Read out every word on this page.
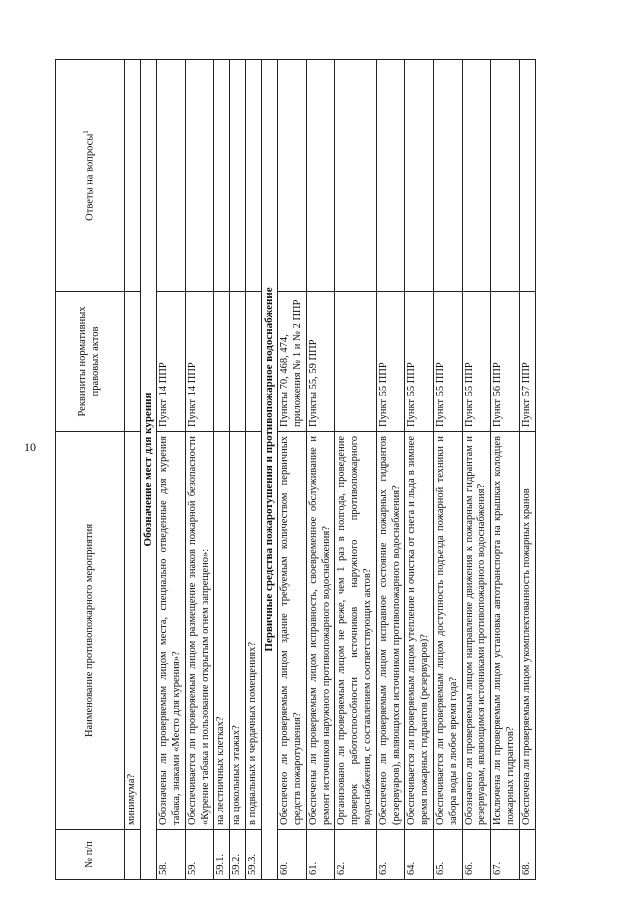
10
№ п/п	Наименование противопожарного мероприятия	Реквизиты нормативных правовых актов	Ответы на вопросы$^1$
	минимума?		
Обозначение мест для курения			
58.	Обозначены ли проверяемым лицом места, специально отведенные для курения табака, знаками «Место для курения»?	Пункт 14 ППР	
59.	Обеспечивается ли проверяемым лицом размещение знаков пожарной безопасности «Курение табака и пользование открытым огнем запрещено»:	Пункт 14 ППР	
59.1.	на лестничных клетках?		
59.2.	на цокольных этажах?		
59.3.	в подвальных и чердачных помещениях?		
Первичные средства пожаротушения и противопожарное водоснабжение			
60.	Обеспечено ли проверяемым лицом здание требуемым количеством первичных средств пожаротушения?	Пункты 70, 468, 474, приложения № 1 и № 2 ППР	
61.	Обеспечены ли проверяемым лицом исправность, своевременное обслуживание и ремонт источников наружного противопожарного водоснабжения?	Пункты 55, 59 ППР	
62.	Организовано ли проверяемым лицом не реже, чем 1 раз в полгода, проведение проверок работоспособности источников наружного противопожарного водоснабжения, с составлением соответствующих актов?		
63.	Обеспечено ли проверяемым лицом исправное состояние пожарных гидрантов (резервуаров), являющихся источником противопожарного водоснабжения?	Пункт 55 ППР	
64.	Обеспечивается ли проверяемым лицом утепление и очистка от снега и льда в зимнее время пожарных гидрантов (резервуаров)?	Пункт 55 ППР	
65.	Обеспечивается ли проверяемым лицом доступность подъезда пожарной техники и забора воды в любое время года?	Пункт 55 ППР	
66.	Обозначено ли проверяемым лицом направление движения к пожарным гидрантам и резервуарам, являющимся источниками противопожарного водоснабжения?	Пункт 55 ППР	
67.	Исключена ли проверяемым лицом установка автотранспорта на крышках колодцев пожарных гидрантов?	Пункт 56 ППР	
68.	Обеспечена ли проверяемым лицом укомплектованность пожарных кранов	Пункт 57 ППР	
